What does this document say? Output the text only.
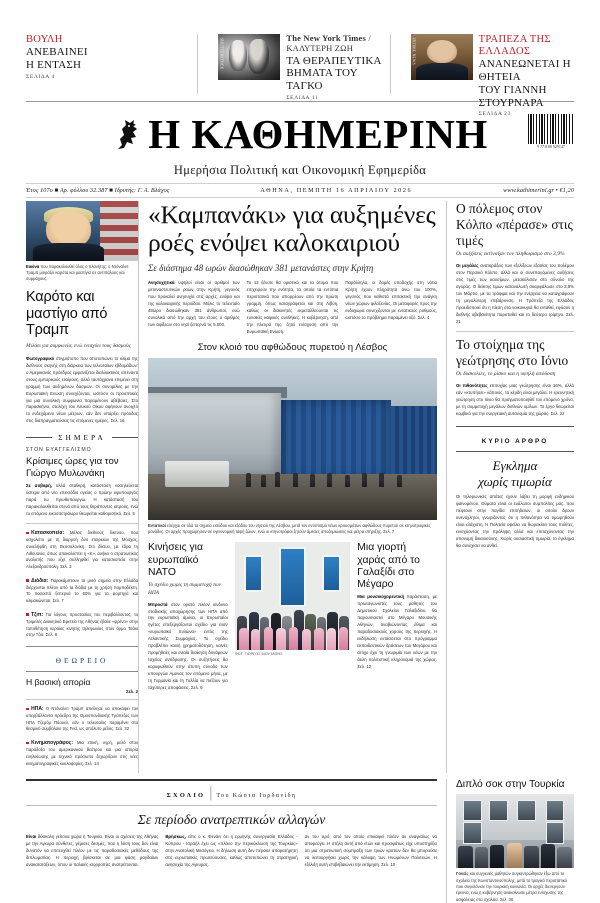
ΒΟΥΛΗ
ΑΝΕΒΑΙΝΕΙ
Η ΕΝΤΑΣΗ
ΣΕΛΙΔΑ 4
SHUTTERSTOCK	The New York Times / ΚΑΛΥΤΕΡΗ ΖΩΗ
ΤΑ ΘΕΡΑΠΕΥΤΙΚΑ
ΒΗΜΑΤΑ ΤΟΥ ΤΑΓΚΟ
ΣΕΛΙΔΑ 11
INTIME NEWS	ΤΡΑΠΕΖΑ ΤΗΣ ΕΛΛΑΔΟΣ
ΑΝΑΝΕΩΝΕΤΑΙ Η ΘΗΤΕΙΑ
ΤΟΥ ΓΙΑΝΝΗ ΣΤΟΥΡΝΑΡΑ
ΣΕΛΙΔΑ 23
Η ΚΑΘΗΜΕΡΙΝΗ	9 771108 929147
Ημερήσια Πολιτική και Οικονομική Εφημερίδα
Έτος 107ο ■ Αρ. φύλλου 32.387 ■ Ιδρυτής: Γ. Α. Βλάχος	ΑΘΗΝΑ, ΠΕΜΠΤΗ 16 ΑΠΡΙΛΙΟΥ 2026	www.kathimerini.gr • €1,20
Εικόνα που παρακολουθεί όλος ο πλανήτης: ο Ντόναλντ Τραμπ μοιράζει καρότα και μαστίγια σε αντιπάλους και συμμάχους.
Καρότο και μαστίγιο από Τραμπ
Μιλάει για συμφωνία, ενώ ενισχύει τους δασμούς
Φωτογραφικό στιγμιότυπο που αποτυπώνει το κλίμα της διεθνούς σκηνής στη διάρκεια των τελευταίων εβδομάδων: ο Αμερικανός πρόεδρος εμφανίζεται διαλλακτικός απέναντι στους εμπορικούς εταίρους, αλλά ταυτόχρονα επιμένει στη γραμμή των αυξημένων δασμών. Οι συνομιλίες με την Ευρωπαϊκή Ενωση συνεχίζονται, ωστόσο οι προοπτικές για μια συνολική συμφωνία παραμένουν αβέβαιες. Στο παρασκήνιο, στελέχη του Λευκού Οίκου αφήνουν ανοιχτό το ενδεχόμενο νέων μέτρων, εάν δεν υπάρξει πρόοδος στις διαπραγματεύσεις τις επόμενες ημέρες. Σελ. 16
ΣΗΜΕΡΑ
ΣΤΟΝ ΕΥΑΓΓΕΛΙΣΜΟ
Κρίσιμες ώρες για τον Γιώργο Μυλωνάκη
Σε σοβαρή, αλλά σταθερή, κατάσταση νοσηλεύεται ύστερα από νέο επεισόδιο υγείας ο πρώην υφυπουργός παρά τω πρωθυπουργώ. Η κατάστασή του παρακολουθείται στενά από τους θεράποντες ιατρούς, ενώ το επόμενο εικοσιτετράωρο θεωρείται καθοριστικό. Σελ. 5
Κατασκοπεία: Μέλος διεθνούς δικτύου, που ασχολείτο με τη διαρροή δύο εταιρειών της Μόσχας, συνελήφθη στη Θεσσαλονίκη. Στο δίκτυο, με έδρα τη Λιθουανία, όπως αποκαλύπτει η «Κ», ανήκει ο στρατιωτικός αναλυτής που είχε συλληφθεί για κατασκοπεία στην Αλεξανδρούπολη. Σελ. 3
Διόδια: Παρακάμπτουν τα μισά σημεία στην Ελλάδα διέρχονται πλέον από τα διόδια με τη χρήση πομποδέκτη. Το ποσοστό ξεπερνά το 60% για τα φορτηγά και κλιμακώνεται. Σελ. 7
Τζιπ: Για λόγους προστασίας του περιβάλλοντος, το Τριμελές Διοικητικό Εφετείο της Αθήνας έβαλε «φρένο» στην τοποθέτηση κεραίας κινητής τηλεφωνίας στον όρμο Τσάκι στην Τζια. Σελ. 8
ΘΕΩΡΕΙΟ
Η βασική απορία
Σελ. 2
ΗΠΑ: Ο Ντόναλντ Τραμπ απείλησε να αποκόψει τον υπερβάλλοντα πρόεδρο της Ομοσπονδιακής Τράπεζας των ΗΠΑ Τζερόμ Πάουελ, εάν ο τελευταίος παραμένει στο θεσμικό συμβόλαιο της Fed, ως απόλυτο μέλος. Σελ. 32
Κινηματογράφος: Μια επική, υγρή, μελό στον παράδοξο του αμερικανικού θεάτρου και μια ιστορία ενηλικίωσης με τεχνικό πρόσωπο ξεχωρίζουν στις νέες κινηματογραφικές κυκλοφορίες. Σελ. 14
«Καμπανάκι» για αυξημένες
ροές ενόψει καλοκαιριού
Σε διάστημα 48 ωρών διασώθηκαν 381 μετανάστες στην Κρήτη

Ανησυχητικά υψηλοί είναι οι αριθμοί των μεταναστευτικών ροών στην Κρήτη, γεγονός που προκαλεί ανησυχία στις αρχές, ενόψει και της καλοκαιρινής περιόδου. Μόλις το τελευταίο 48ωρο διασώθηκαν 381 άνθρωποι, ενώ συνολικά από την αρχή του έτους ο αριθμός των αφίξεων στο νησί ξεπερνά τις 5.000.

Το 12 ξένοτε θα οριστικό και τα άτομα που επιχειρούν την ενότητα, τα οποία τα εντόπια περιστατικά που απορρέουν από την πρώτη γραμμή, όπως καταγράφεται και στη Λιβύη, καθώς οι διακινητές εκμεταλλεύονται τις ευνοϊκές καιρικές συνθήκες. Η κυβέρνηση, από την πλευρά της, ζητεί ενίσχυση από την Ευρωπαϊκή Ενωση.

Παράλληλα, οι δομές υποδοχής στη νότια Κρήτη έχουν πληρότητα άνω του 100%, γεγονός που καθιστά επιτακτική την ανάγκη νέων χώρων φιλοξενίας. Οι μεταφορές προς την ενδοχώρα συνεχίζονται με εντατικούς ρυθμούς, ωστόσο το πρόβλημα παραμένει οξύ. Σελ. 4

Στον κλοιό του αφθώδους πυρετού η Λέσβος
Εντατικοί ελέγχοι σε όλα τα σημεία εισόδου και εξόδου του νησιού της Λέσβου, μετά τον εντοπισμό νέων κρουσμάτων αφθώδους πυρετού σε κτηνοτροφικές μονάδες. Οι αρχές προχώρησαν σε υγειονομική ταφή ζώων, ενώ οι κτηνοτρόφοι ζητούν άμεσες αποζημιώσεις και μέτρα στήριξης. Σελ. 7
Κινήσεις για ευρωπαϊκό ΝΑΤΟ
Το σχέδιο χωρίς τη συμμετοχή των ΗΠΑ
Μπροστά στον ορατό πλέον κίνδυνο σταδιακής αποχώρησης των ΗΠΑ από την ευρωπαϊκή άμυνα, οι Ευρωπαίοι ηγέτες επεξεργάζονται σχέδιο για έναν «ευρωπαϊκό πυλώνα» εντός της Ατλαντικής Συμμαχίας. Το σχέδιο προβλέπει κοινή χρηματοδότηση, κοινές προμήθειες και ενιαία διοίκηση δυνάμεων ταχείας αντίδρασης. Οι συζητήσεις θα κορυφωθούν στην άτυπη σύνοδο των υπουργών Αμυνας τον επόμενο μήνα, με τη Γερμανία και τη Γαλλία να πιέζουν για ταχύτερες αποφάσεις. Σελ. 9
ΦΩΤ. ΓΙΩΡΓΟΣ ΜΟΥΤΑΦΗΣ
Μια γιορτή χαράς από το Γαλαξίδι στο Μέγαρο
Μια μουσικοχορευτική παράσταση, με πρωταγωνιστές τους μαθητές του Δημοτικού Σχολείου Γαλαξιδίου, θα παρουσιαστεί στο Μέγαρο Μουσικής Αθηνών, αναβιώνοντας έθιμα και παραδοσιακούς χορούς της περιοχής. Η εκδήλωση εντάσσεται στο πρόγραμμα εκπαιδευτικών δράσεων του Μεγάρου και στόχο έχει τη γνωριμία των νέων με την άυλη πολιτιστική κληρονομιά της χώρας. Σελ. 12
Ο πόλεμος στον Κόλπο «πέρασε» στις τιμές
Οι αυξήσεις εκτίναξαν τον πληθωρισμό στο 3,9%
Οι μεγάλες αναταράξεις των εξελίξεων εξαιτίας του πολέμου στον Περσικό Κόλπο, αλλά και οι συνεπαγόμενες αυξήσεις στις τιμές των καυσίμων, μετακύλισαν στο σύνολο της αγοράς. Ο δείκτης τιμών καταναλωτή σκαρφάλωσε στο 3,9% τον Μάρτιο, με τα τρόφιμα και την ενέργεια να καταγράφουν τη μεγαλύτερη επιβάρυνση. Η Τράπεζα της Ελλάδος προειδοποιεί ότι η πίεση στα νοικοκυριά θα ενταθεί, εφόσον η διεθνής αβεβαιότητα παραταθεί και το δεύτερο τρίμηνο. Σελ. 21
Το στοίχημα της γεώτρησης στο Ιόνιο
Οι δυσκολίες, το ρίσκο και η υψηλή απόδοση
Οι πιθανότητες επιτυχίας μιας γεώτρησης είναι 16%, αλλά εάν «κτυπήσει» κάποιος, τα κέρδη είναι μεγάλα. Η ερευνητική γεώτρηση στο Ιόνιο θα πραγματοποιηθεί τον επόμενο χρόνο, με τη συμμετοχή μεγάλων διεθνών ομίλων. Το έργο θεωρείται κομβικό για την ενεργειακή αυτονομία της χώρας. Σελ. 22
ΚΥΡΙΟ ΑΡΘΡΟ
Εγκλημα
χωρίς τιμωρία
Οι τηλεφωνικές απάτες έχουν λάβει τη μορφή ενδημικού φαινομένου. Θύματα είναι οι ευάλωτοι συμπολίτες μας, που πέφτουν στην παγίδα επιτήδειων, οι οποίοι δρουν ανενόχλητοι, γνωρίζοντας ότι η πιθανότητα να τιμωρηθούν είναι ελάχιστη. Η Πολιτεία οφείλει να θωρακίσει τους πολίτες, ενισχύοντας την πρόληψη αλλά και επιταχύνοντας την απονομή δικαιοσύνης. Χωρίς ουσιαστική τιμωρία, το έγκλημα θα συνεχίσει να ανθεί.
ΣΧΟΛΙΟ | Του Κώστα Ιορδανίδη
Σε περίοδο ανατρεπτικών αλλαγών

Είναι δύσκολη γείτονα χώρα η Τουρκία. Είναι οι σχέσεις της Αθήνας με την Αγκυρα σύνθετες, γέμισες δεσμές, που η λύση τους δεν είναι δυνατόν να επιτευχθεί πλέον με τις παραδοσιακές μεθόδους της διπλωματίας. Η περιοχή βρίσκεται σε μια φάση ραγδαίων ανακατατάξεων, όπου οι παλαιές ισορροπίες ανατρέπονται.

Βρήσκως, είπε ο κ. Φενάιν ότι η ερμηνής συνεργασία Ελλάδος - Κύπρου - Ισραήλ έχει ως «πλάνο την περικύκλωση της Τουρκίας» στην Ανατολική Μεσόγειο. Η δήλωση αυτή δεν πέρασε απαρατήρητη στις ευρωπαϊκές πρωτεύουσες, καθώς αποτυπώνει τη στρατηγική ανησυχία της Αγκυρας.

αν του ιερό, από τον οποίο επικαιρεί πλέον αν αναγκαίως να αποφεύγει. Η στήλη αυτή από ετών και προσφάτως είχε υποστηρίξει ότι μια στρατιωτική σύμπραξη των τριών κρατών δεν θα μπορούσε να λειτουργήσει χωρίς την κάλυψη των Ηνωμένων Πολιτειών. Η εξέλιξη αυτή επιβεβαιώνει την εκτίμηση. Σελ. 10

Διπλό σοκ στην Τουρκία
Γονείς και συγγενείς μαθητών συγκεντρώθηκαν έξω από το σχολείο της Κωνσταντινούπολης, μετά το τραγικό περιστατικό που συγκλόνισε την τουρκική κοινωνία. Οι αρχές διενεργούν έρευνα, ενώ η κυβέρνηση ανακοίνωσε μέτρα ενίσχυσης της ασφάλειας στα σχολεία. Σελ. 30
